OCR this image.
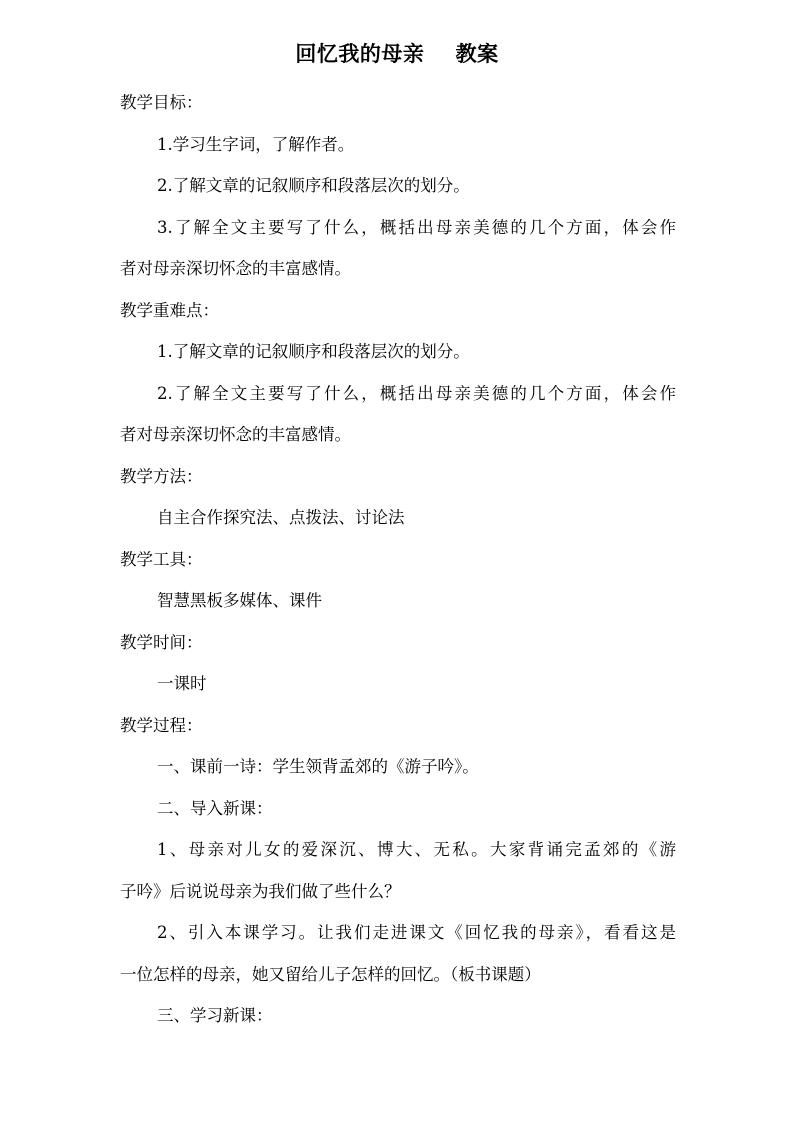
回忆我的母亲    教案
教学目标：
1.学习生字词，了解作者。
2.了解文章的记叙顺序和段落层次的划分。
3.了解全文主要写了什么，概括出母亲美德的几个方面，体会作
者对母亲深切怀念的丰富感情。
教学重难点：
1.了解文章的记叙顺序和段落层次的划分。
2.了解全文主要写了什么，概括出母亲美德的几个方面，体会作
者对母亲深切怀念的丰富感情。
教学方法：
自主合作探究法、点拨法、讨论法
教学工具：
智慧黑板多媒体、课件
教学时间：
一课时
教学过程：
一、课前一诗：学生领背孟郊的《游子吟》。
二、导入新课：
1、母亲对儿女的爱深沉、博大、无私。大家背诵完孟郊的《游
子吟》后说说母亲为我们做了些什么？
2、引入本课学习。让我们走进课文《回忆我的母亲》，看看这是
一位怎样的母亲，她又留给儿子怎样的回忆。（板书课题）
三、学习新课：
